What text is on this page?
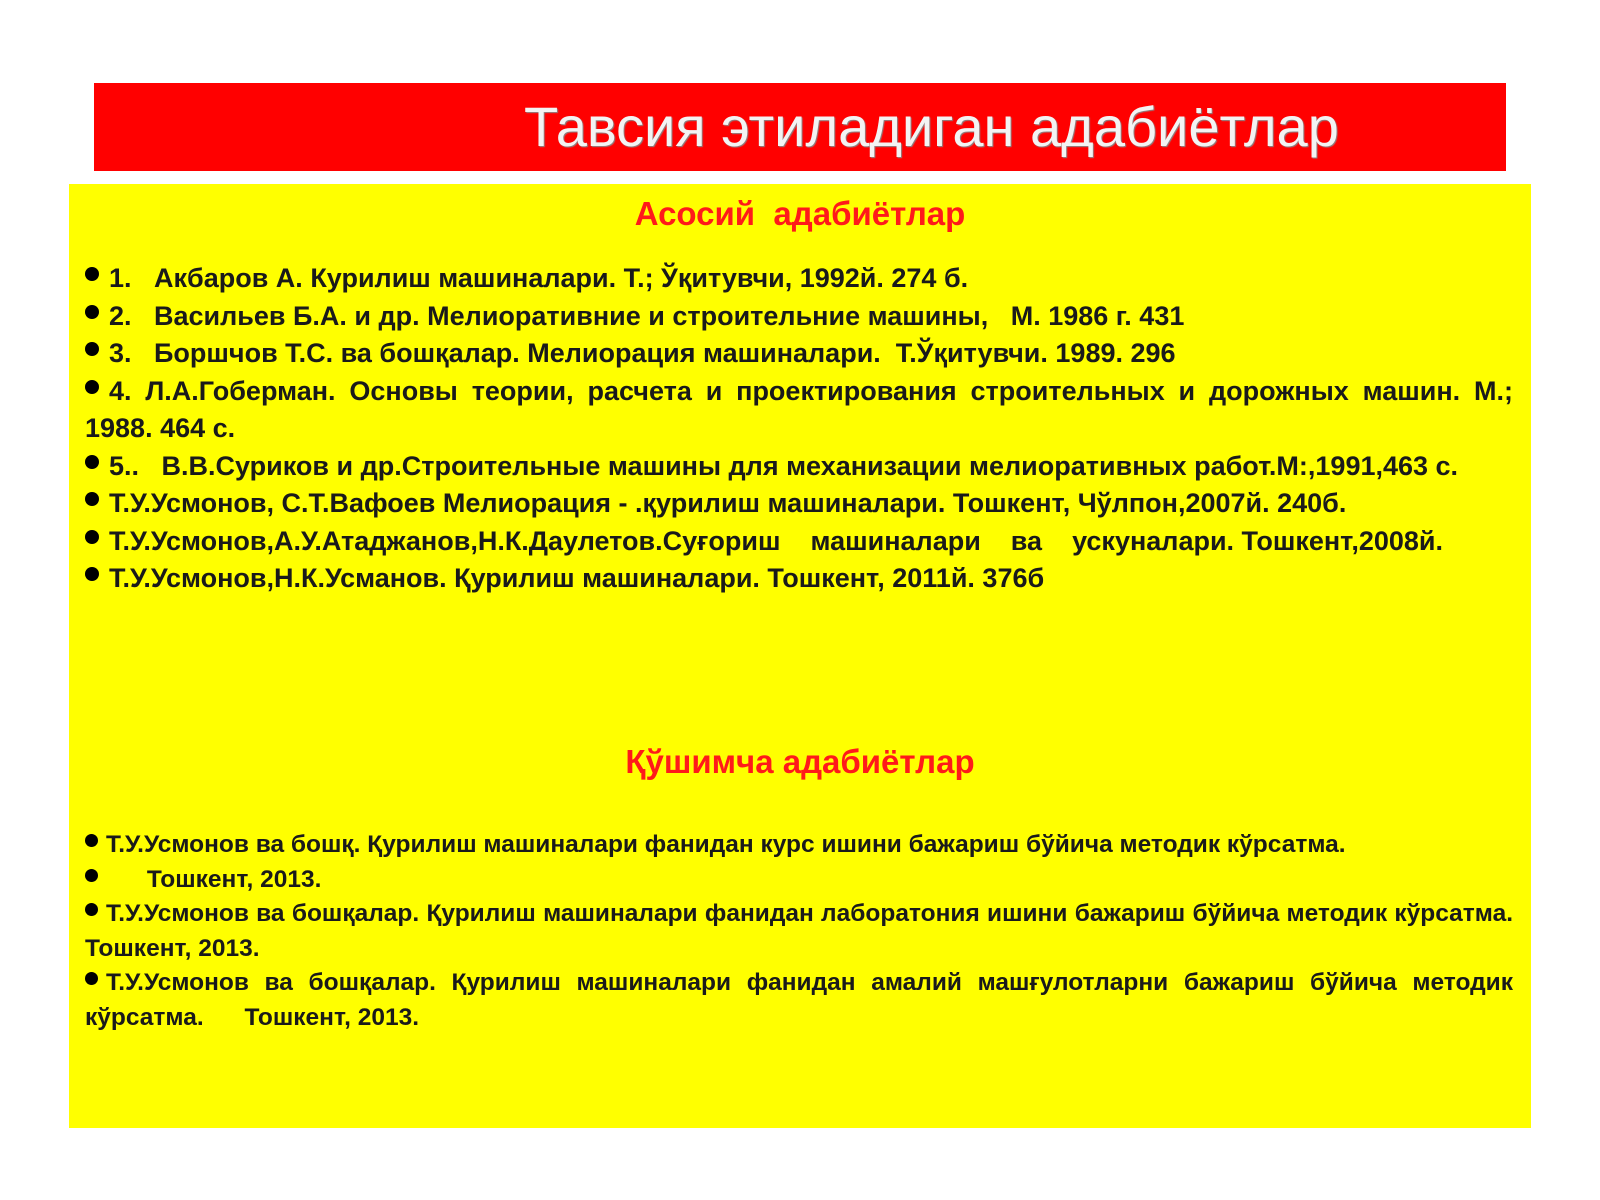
Тавсия этиладиган адабиётлар
Асосий  адабиётлар
1.   Акбаров А. Курилиш машиналари. Т.; Ўқитувчи, 1992й. 274 б.
2.   Васильев Б.А. и др. Мелиоративние и строительние машины,   М. 1986 г. 431
3.   Боршчов Т.С. ва бошқалар. Мелиорация машиналари.  Т.Ўқитувчи. 1989. 296
4. Л.А.Гоберман. Основы теории, расчета и проектирования строительных и дорожных машин. М.; 1988. 464 с.
5..   В.В.Суриков и др.Строительные машины для механизации мелиоративных работ.М:,1991,463 с.
Т.У.Усмонов, С.Т.Вафоев Мелиорация - .қурилиш машиналари. Тошкент, Чўлпон,2007й. 240б.
Т.У.Усмонов,А.У.Атаджанов,Н.К.Даулетов.Суғориш    машиналари    ва    ускуналари. Тошкент,2008й.
Т.У.Усмонов,Н.К.Усманов. Қурилиш машиналари. Тошкент, 2011й. 376б
Қўшимча адабиётлар
Т.У.Усмонов ва бошқ. Қурилиш машиналари фанидан курс ишини бажариш бўйича методик кўрсатма.
Тошкент, 2013.
Т.У.Усмонов ва бошқалар. Қурилиш машиналари фанидан лаборатония ишини бажариш бўйича методик кўрсатма.      Тошкент, 2013.
Т.У.Усмонов ва бошқалар. Қурилиш машиналари фанидан амалий машғулотларни бажариш бўйича методик кўрсатма.      Тошкент, 2013.
